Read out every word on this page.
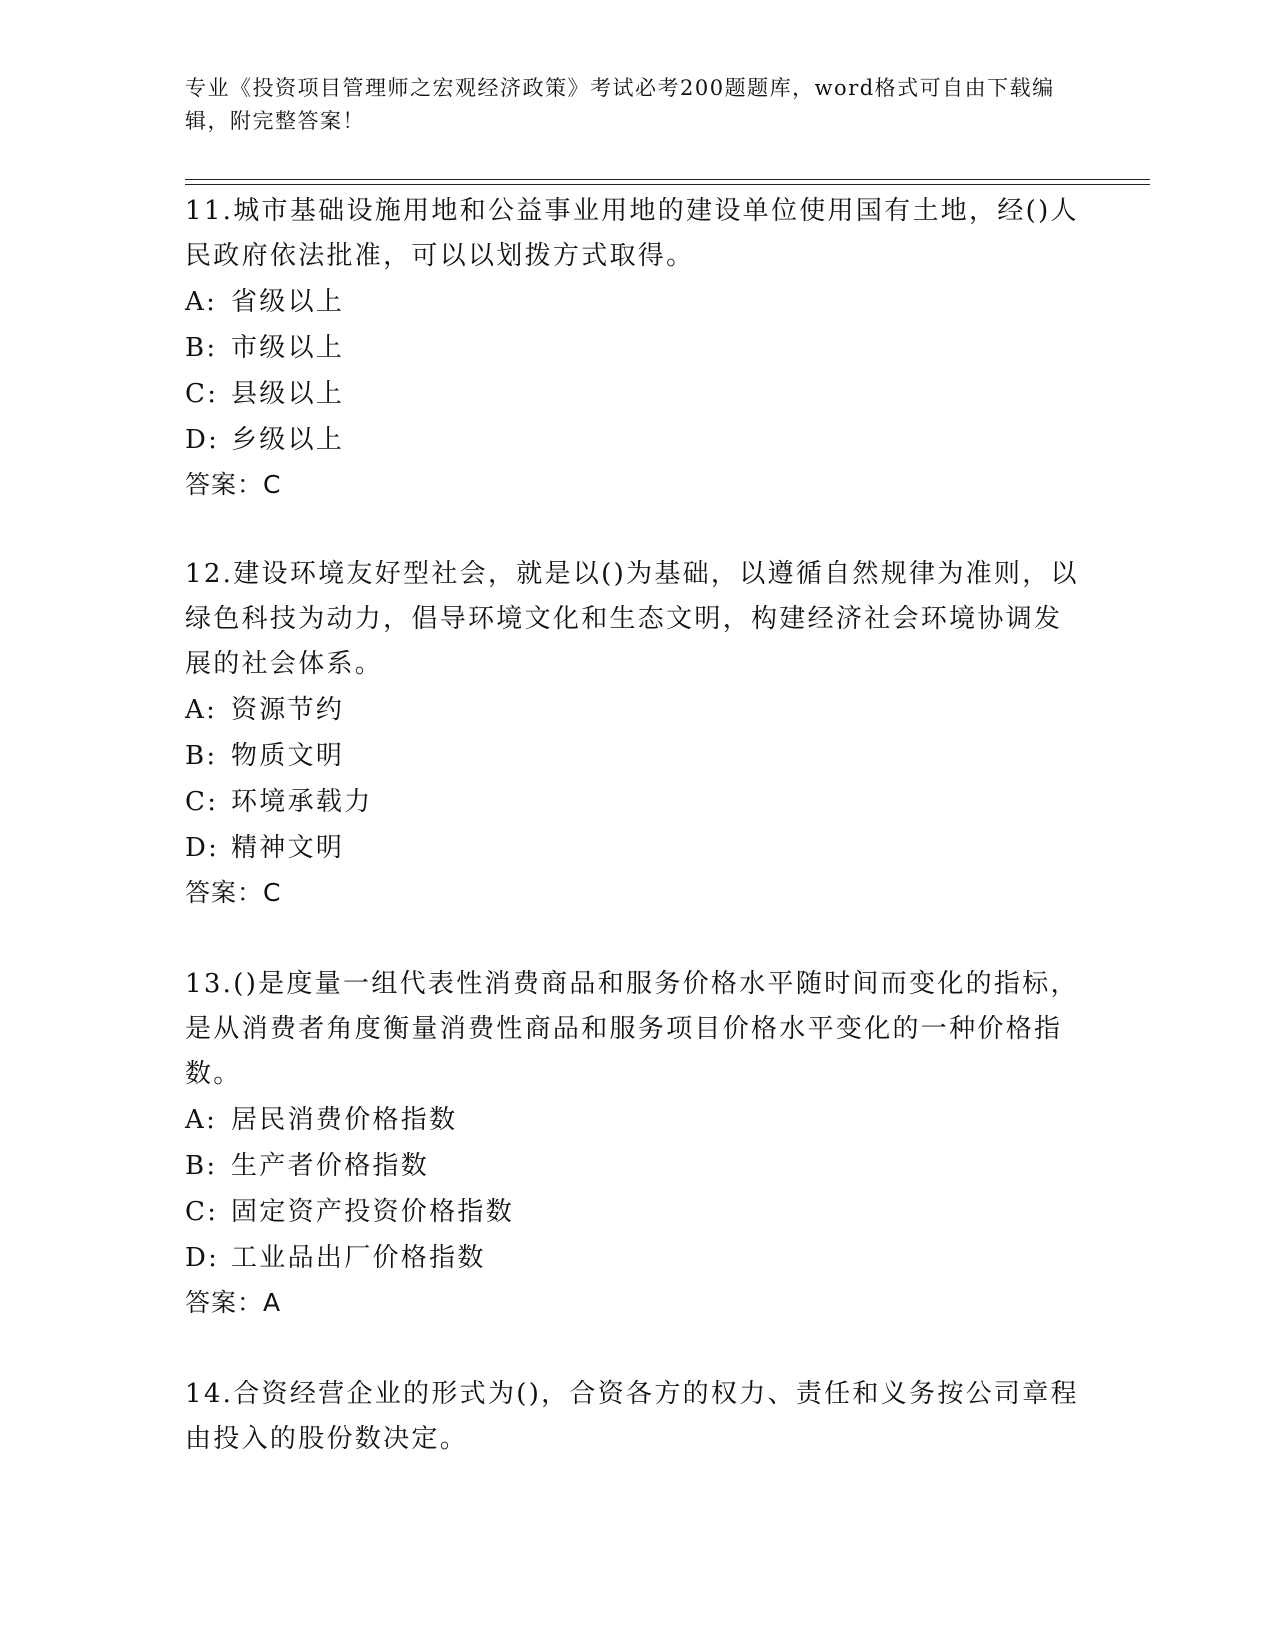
专业《投资项目管理师之宏观经济政策》考试必考200题题库，word格式可自由下载编辑，附完整答案！
11.城市基础设施用地和公益事业用地的建设单位使用国有土地，经()人民政府依法批准，可以以划拨方式取得。
A: 省级以上
B: 市级以上
C: 县级以上
D: 乡级以上
答案：C
12.建设环境友好型社会，就是以()为基础，以遵循自然规律为准则，以绿色科技为动力，倡导环境文化和生态文明，构建经济社会环境协调发展的社会体系。
A: 资源节约
B: 物质文明
C: 环境承载力
D: 精神文明
答案：C
13.()是度量一组代表性消费商品和服务价格水平随时间而变化的指标，是从消费者角度衡量消费性商品和服务项目价格水平变化的一种价格指数。
A: 居民消费价格指数
B: 生产者价格指数
C: 固定资产投资价格指数
D: 工业品出厂价格指数
答案：A
14.合资经营企业的形式为()，合资各方的权力、责任和义务按公司章程由投入的股份数决定。
